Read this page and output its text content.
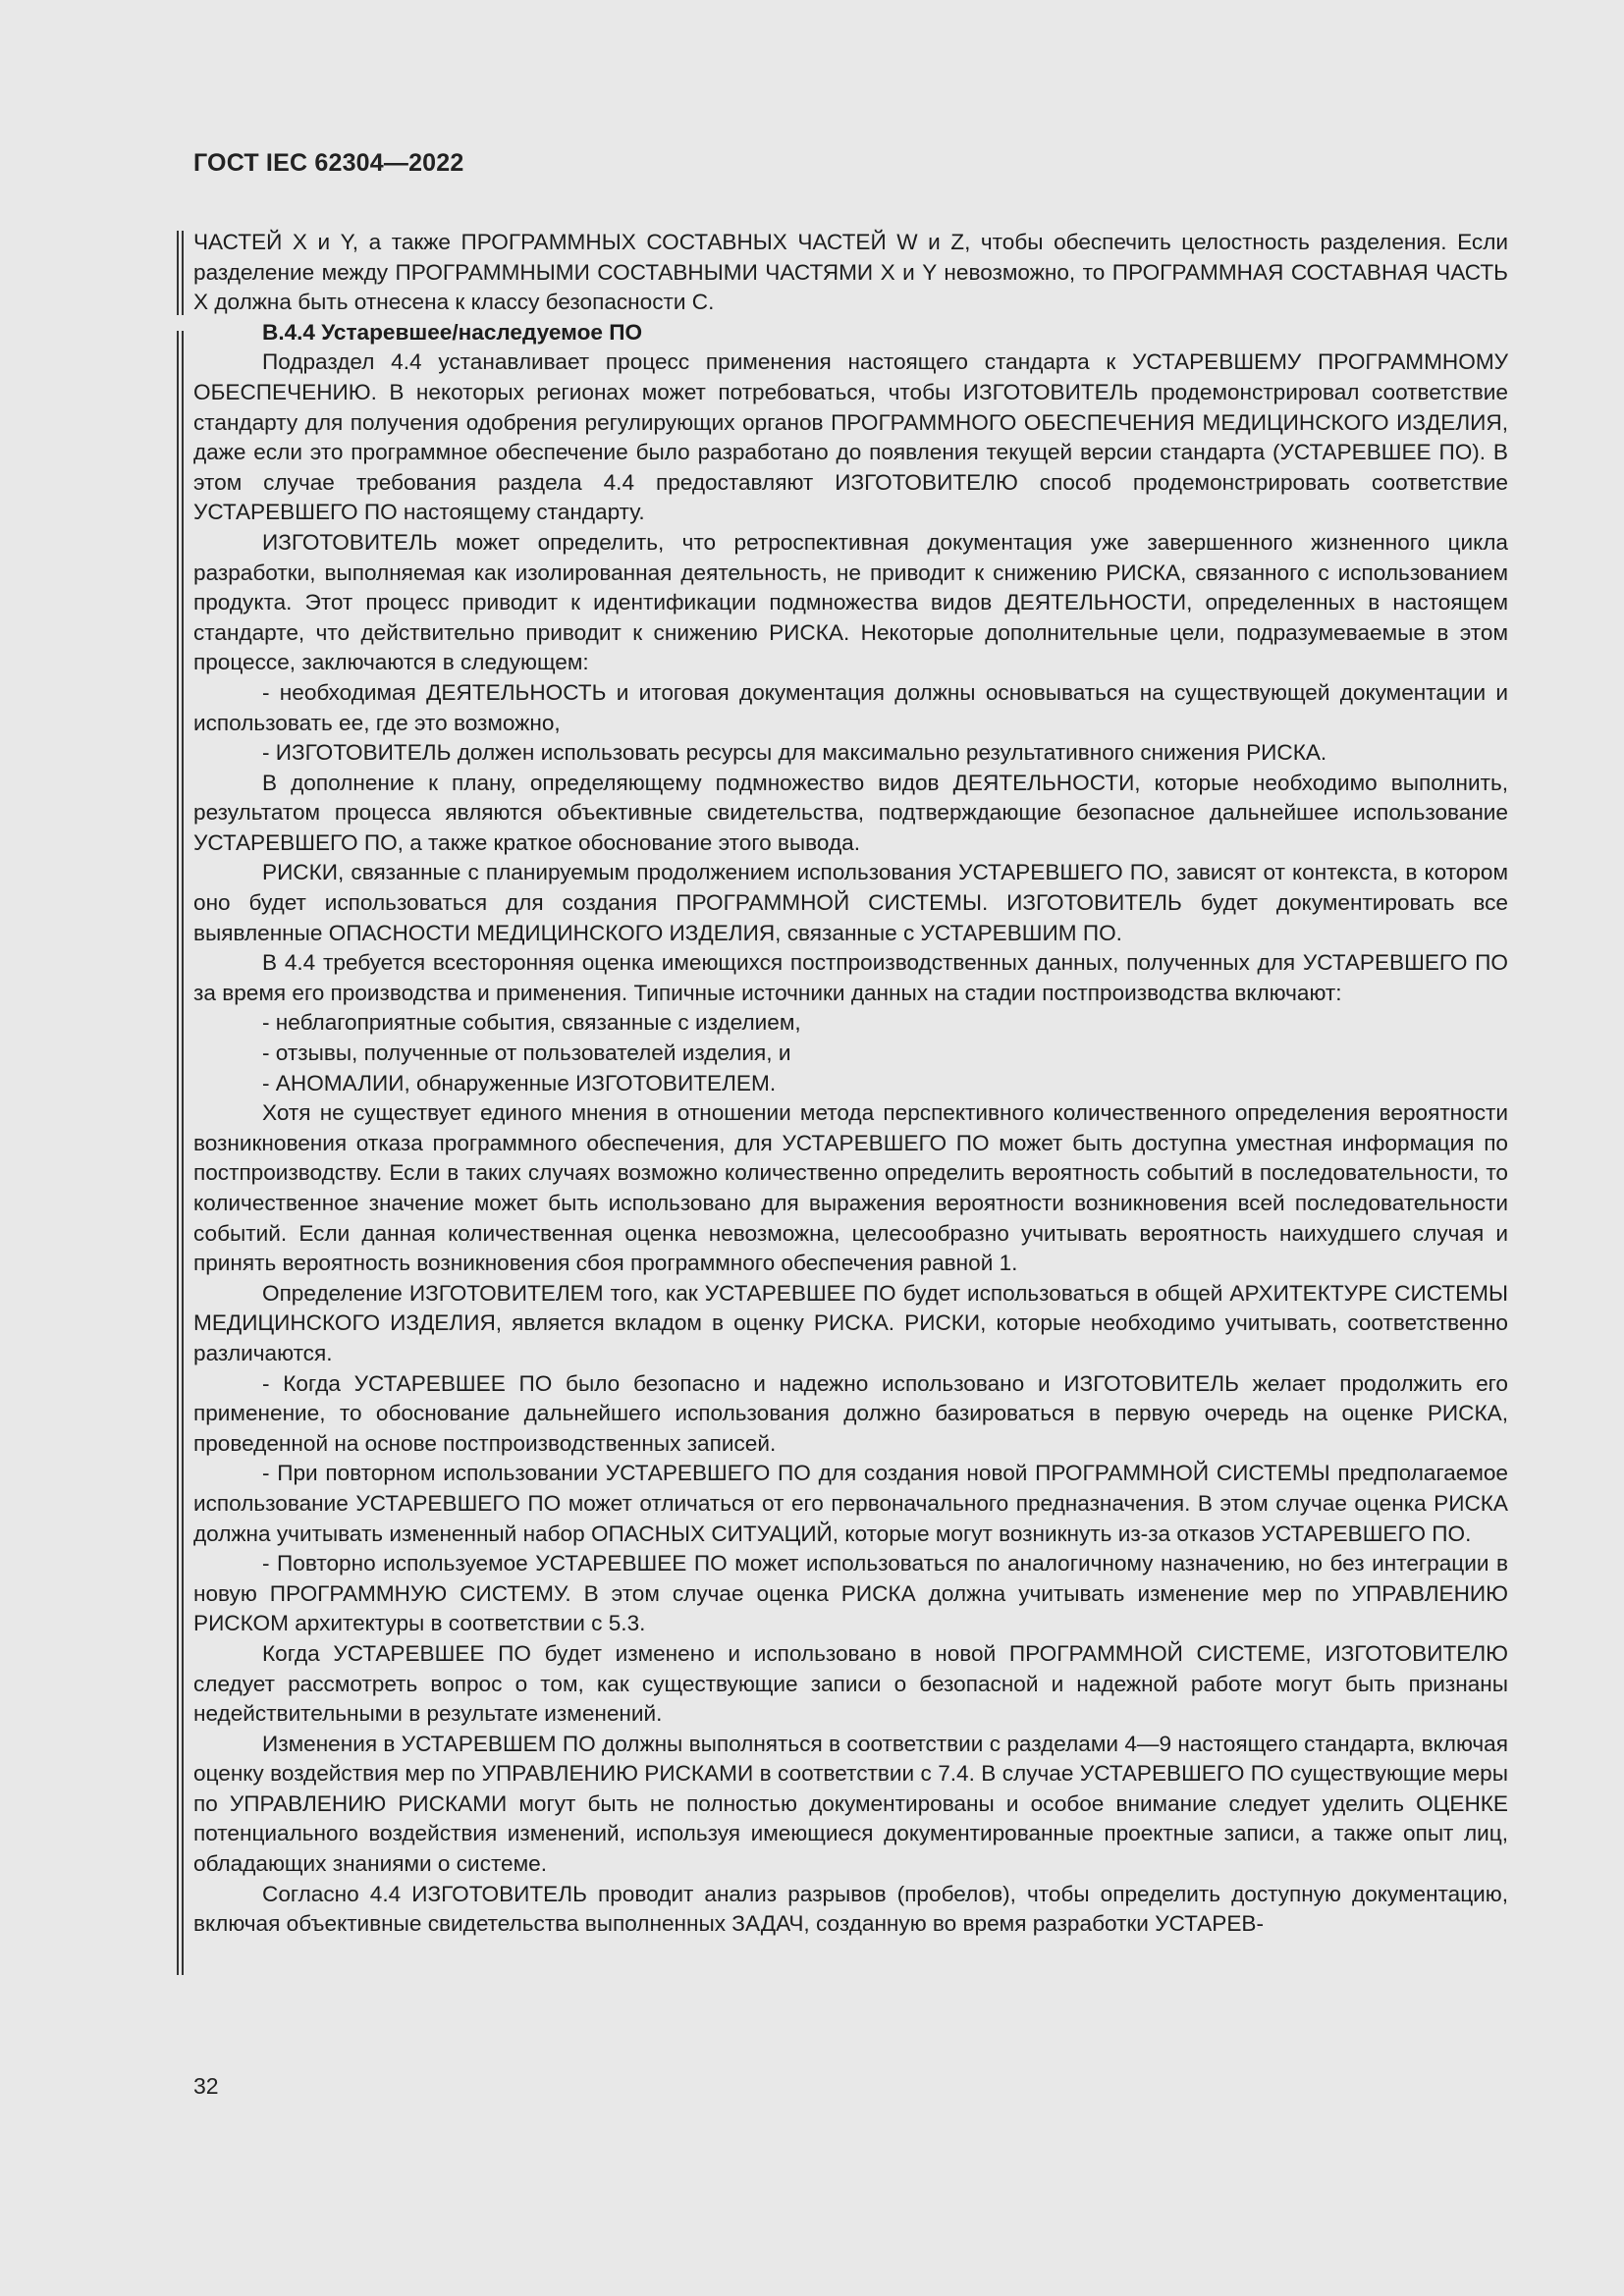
ГОСТ IEC 62304—2022

ЧАСТЕЙ X и Y, а также ПРОГРАММНЫХ СОСТАВНЫХ ЧАСТЕЙ W и Z, чтобы обеспечить целостность разделения. Если разделение между ПРОГРАММНЫМИ СОСТАВНЫМИ ЧАСТЯМИ X и Y невозможно, то ПРОГРАММНАЯ СОСТАВНАЯ ЧАСТЬ X должна быть отнесена к классу безопасности С.

В.4.4 Устаревшее/наследуемое ПО

Подраздел 4.4 устанавливает процесс применения настоящего стандарта к УСТАРЕВШЕМУ ПРОГРАММНОМУ ОБЕСПЕЧЕНИЮ. В некоторых регионах может потребоваться, чтобы ИЗГОТОВИТЕЛЬ продемонстрировал соответствие стандарту для получения одобрения регулирующих органов ПРОГРАММНОГО ОБЕСПЕЧЕНИЯ МЕДИЦИНСКОГО ИЗДЕЛИЯ, даже если это программное обеспечение было разработано до появления текущей версии стандарта (УСТАРЕВШЕЕ ПО). В этом случае требования раздела 4.4 предоставляют ИЗГОТОВИТЕЛЮ способ продемонстрировать соответствие УСТАРЕВШЕГО ПО настоящему стандарту.

ИЗГОТОВИТЕЛЬ может определить, что ретроспективная документация уже завершенного жизненного цикла разработки, выполняемая как изолированная деятельность, не приводит к снижению РИСКА, связанного с использованием продукта. Этот процесс приводит к идентификации подмножества видов ДЕЯТЕЛЬНОСТИ, определенных в настоящем стандарте, что действительно приводит к снижению РИСКА. Некоторые дополнительные цели, подразумеваемые в этом процессе, заключаются в следующем:

- необходимая ДЕЯТЕЛЬНОСТЬ и итоговая документация должны основываться на существующей документации и использовать ее, где это возможно,

- ИЗГОТОВИТЕЛЬ должен использовать ресурсы для максимально результативного снижения РИСКА.

В дополнение к плану, определяющему подмножество видов ДЕЯТЕЛЬНОСТИ, которые необходимо выполнить, результатом процесса являются объективные свидетельства, подтверждающие безопасное дальнейшее использование УСТАРЕВШЕГО ПО, а также краткое обоснование этого вывода.

РИСКИ, связанные с планируемым продолжением использования УСТАРЕВШЕГО ПО, зависят от контекста, в котором оно будет использоваться для создания ПРОГРАММНОЙ СИСТЕМЫ. ИЗГОТОВИТЕЛЬ будет документировать все выявленные ОПАСНОСТИ МЕДИЦИНСКОГО ИЗДЕЛИЯ, связанные с УСТАРЕВШИМ ПО.

В 4.4 требуется всесторонняя оценка имеющихся постпроизводственных данных, полученных для УСТАРЕВШЕГО ПО за время его производства и применения. Типичные источники данных на стадии постпроизводства включают:

- неблагоприятные события, связанные с изделием,

- отзывы, полученные от пользователей изделия, и

- АНОМАЛИИ, обнаруженные ИЗГОТОВИТЕЛЕМ.

Хотя не существует единого мнения в отношении метода перспективного количественного определения вероятности возникновения отказа программного обеспечения, для УСТАРЕВШЕГО ПО может быть доступна уместная информация по постпроизводству. Если в таких случаях возможно количественно определить вероятность событий в последовательности, то количественное значение может быть использовано для выражения вероятности возникновения всей последовательности событий. Если данная количественная оценка невозможна, целесообразно учитывать вероятность наихудшего случая и принять вероятность возникновения сбоя программного обеспечения равной 1.

Определение ИЗГОТОВИТЕЛЕМ того, как УСТАРЕВШЕЕ ПО будет использоваться в общей АРХИТЕКТУРЕ СИСТЕМЫ МЕДИЦИНСКОГО ИЗДЕЛИЯ, является вкладом в оценку РИСКА. РИСКИ, которые необходимо учитывать, соответственно различаются.

- Когда УСТАРЕВШЕЕ ПО было безопасно и надежно использовано и ИЗГОТОВИТЕЛЬ желает продолжить его применение, то обоснование дальнейшего использования должно базироваться в первую очередь на оценке РИСКА, проведенной на основе постпроизводственных записей.

- При повторном использовании УСТАРЕВШЕГО ПО для создания новой ПРОГРАММНОЙ СИСТЕМЫ предполагаемое использование УСТАРЕВШЕГО ПО может отличаться от его первоначального предназначения. В этом случае оценка РИСКА должна учитывать измененный набор ОПАСНЫХ СИТУАЦИЙ, которые могут возникнуть из-за отказов УСТАРЕВШЕГО ПО.

- Повторно используемое УСТАРЕВШЕЕ ПО может использоваться по аналогичному назначению, но без интеграции в новую ПРОГРАММНУЮ СИСТЕМУ. В этом случае оценка РИСКА должна учитывать изменение мер по УПРАВЛЕНИЮ РИСКОМ архитектуры в соответствии с 5.3.

Когда УСТАРЕВШЕЕ ПО будет изменено и использовано в новой ПРОГРАММНОЙ СИСТЕМЕ, ИЗГОТОВИТЕЛЮ следует рассмотреть вопрос о том, как существующие записи о безопасной и надежной работе могут быть признаны недействительными в результате изменений.

Изменения в УСТАРЕВШЕМ ПО должны выполняться в соответствии с разделами 4—9 настоящего стандарта, включая оценку воздействия мер по УПРАВЛЕНИЮ РИСКАМИ в соответствии с 7.4. В случае УСТАРЕВШЕГО ПО существующие меры по УПРАВЛЕНИЮ РИСКАМИ могут быть не полностью документированы и особое внимание следует уделить ОЦЕНКЕ потенциального воздействия изменений, используя имеющиеся документированные проектные записи, а также опыт лиц, обладающих знаниями о системе.

Согласно 4.4 ИЗГОТОВИТЕЛЬ проводит анализ разрывов (пробелов), чтобы определить доступную документацию, включая объективные свидетельства выполненных ЗАДАЧ, созданную во время разработки УСТАРЕВ-

32
